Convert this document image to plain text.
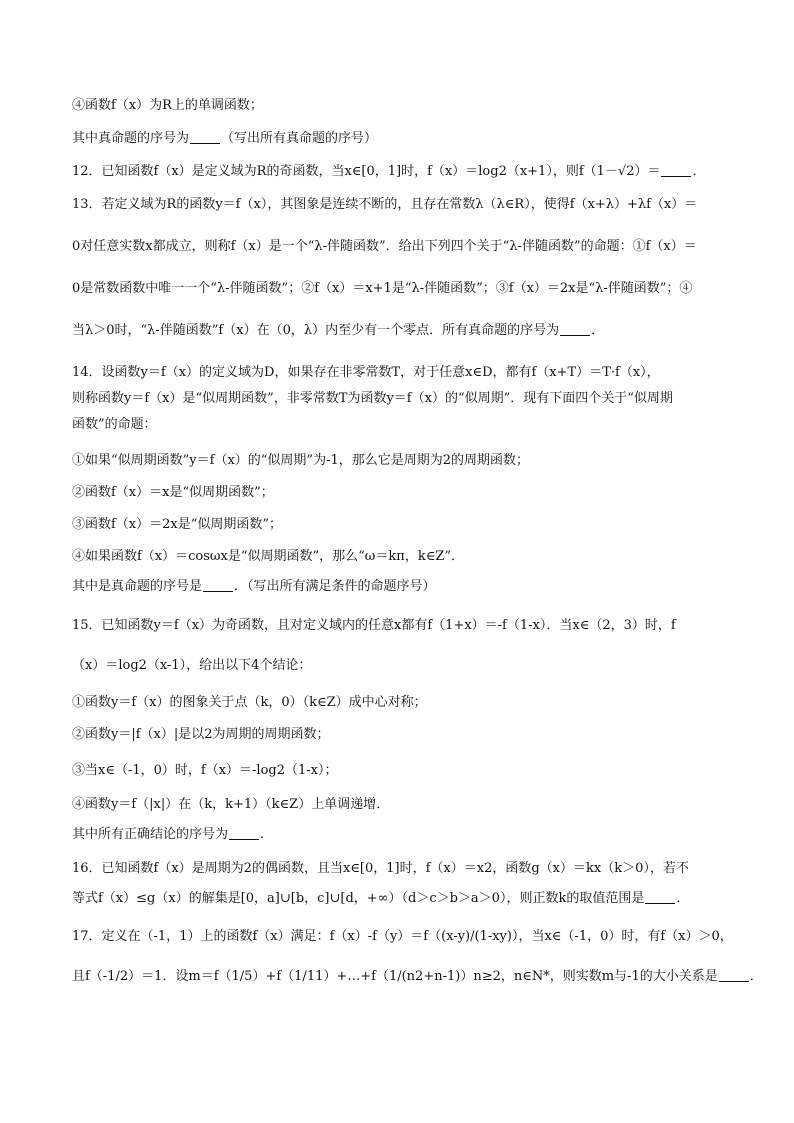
④函数f（x）为R上的单调函数；
其中真命题的序号为 （写出所有真命题的序号）
12．已知函数f（x）是定义域为R的奇函数，当x∈[0，1]时，f（x）＝log2（x+1），则f（1－√2）＝ ．
13．若定义域为R的函数y＝f（x），其图象是连续不断的，且存在常数λ（λ∈R），使得f（x+λ）+λf（x）＝
0对任意实数x都成立，则称f（x）是一个“λ-伴随函数”．给出下列四个关于“λ-伴随函数”的命题：①f（x）＝
0是常数函数中唯一一个“λ-伴随函数”；②f（x）＝x+1是“λ-伴随函数”；③f（x）＝2x是“λ-伴随函数”；④
当λ＞0时，“λ-伴随函数”f（x）在（0，λ）内至少有一个零点．所有真命题的序号为 ．
14．设函数y＝f（x）的定义域为D，如果存在非零常数T，对于任意x∈D，都有f（x+T）＝T·f（x），
则称函数y＝f（x）是“似周期函数”，非零常数T为函数y＝f（x）的“似周期”．现有下面四个关于“似周期
函数”的命题：
①如果“似周期函数”y＝f（x）的“似周期”为-1，那么它是周期为2的周期函数；
②函数f（x）＝x是“似周期函数”；
③函数f（x）＝2x是“似周期函数”；
④如果函数f（x）＝cosωx是“似周期函数”，那么“ω＝kπ，k∈Z”．
其中是真命题的序号是 ．（写出所有满足条件的命题序号）
15．已知函数y＝f（x）为奇函数，且对定义域内的任意x都有f（1+x）＝-f（1-x）．当x∈（2，3）时，f
（x）＝log2（x-1），给出以下4个结论：
①函数y＝f（x）的图象关于点（k，0）（k∈Z）成中心对称；
②函数y＝|f（x）|是以2为周期的周期函数；
③当x∈（-1，0）时，f（x）＝-log2（1-x）；
④函数y＝f（|x|）在（k，k+1）（k∈Z）上单调递增．
其中所有正确结论的序号为 ．
16．已知函数f（x）是周期为2的偶函数，且当x∈[0，1]时，f（x）＝x2，函数g（x）＝kx（k＞0），若不
等式f（x）≤g（x）的解集是[0，a]∪[b，c]∪[d，+∞）（d＞c＞b＞a＞0），则正数k的取值范围是 ．
17．定义在（-1，1）上的函数f（x）满足：f（x）-f（y）＝f（(x-y)/(1-xy)），当x∈（-1，0）时，有f（x）＞0，
且f（-1/2）＝1．设m＝f（1/5）+f（1/11）+…+f（1/(n2+n-1)）n≥2，n∈N*，则实数m与-1的大小关系是 ．
